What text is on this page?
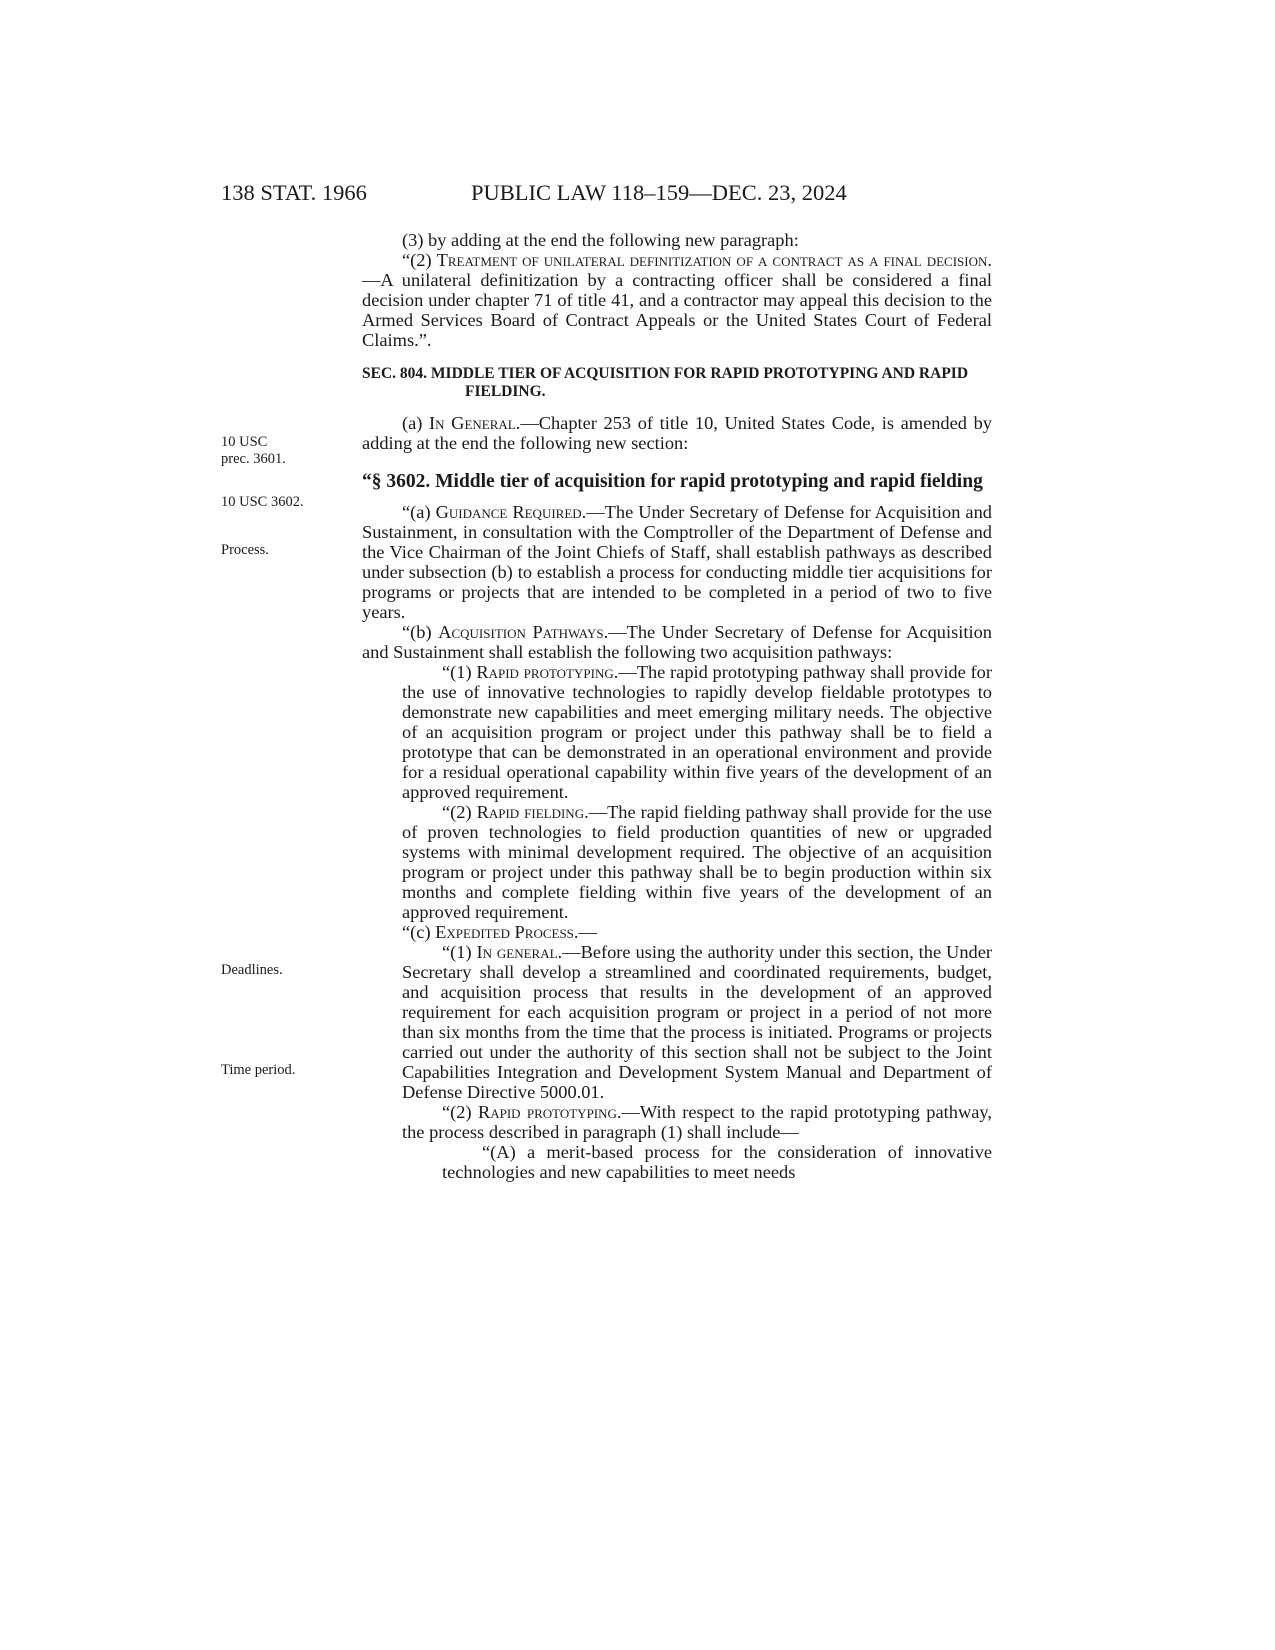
138 STAT. 1966	PUBLIC LAW 118–159—DEC. 23, 2024
10 USC
prec. 3601.
10 USC 3602.
Process.
Deadlines.
Time period.

(3) by adding at the end the following new paragraph:

“(2) Treatment of unilateral definitization of a contract as a final decision.—A unilateral definitization by a contracting officer shall be considered a final decision under chapter 71 of title 41, and a contractor may appeal this decision to the Armed Services Board of Contract Appeals or the United States Court of Federal Claims.”.

SEC. 804. MIDDLE TIER OF ACQUISITION FOR RAPID PROTOTYPING AND RAPID FIELDING.

(a) In General.—Chapter 253 of title 10, United States Code, is amended by adding at the end the following new section:

“§ 3602. Middle tier of acquisition for rapid prototyping and rapid fielding

“(a) Guidance Required.—The Under Secretary of Defense for Acquisition and Sustainment, in consultation with the Comptroller of the Department of Defense and the Vice Chairman of the Joint Chiefs of Staff, shall establish pathways as described under subsection (b) to establish a process for conducting middle tier acquisitions for programs or projects that are intended to be completed in a period of two to five years.

“(b) Acquisition Pathways.—The Under Secretary of Defense for Acquisition and Sustainment shall establish the following two acquisition pathways:

“(1) Rapid prototyping.—The rapid prototyping pathway shall provide for the use of innovative technologies to rapidly develop fieldable prototypes to demonstrate new capabilities and meet emerging military needs. The objective of an acquisition program or project under this pathway shall be to field a prototype that can be demonstrated in an operational environment and provide for a residual operational capability within five years of the development of an approved requirement.

“(2) Rapid fielding.—The rapid fielding pathway shall provide for the use of proven technologies to field production quantities of new or upgraded systems with minimal development required. The objective of an acquisition program or project under this pathway shall be to begin production within six months and complete fielding within five years of the development of an approved requirement.

“(c) Expedited Process.—

“(1) In general.—Before using the authority under this section, the Under Secretary shall develop a streamlined and coordinated requirements, budget, and acquisition process that results in the development of an approved requirement for each acquisition program or project in a period of not more than six months from the time that the process is initiated. Programs or projects carried out under the authority of this section shall not be subject to the Joint Capabilities Integration and Development System Manual and Department of Defense Directive 5000.01.

“(2) Rapid prototyping.—With respect to the rapid prototyping pathway, the process described in paragraph (1) shall include—

“(A) a merit-based process for the consideration of innovative technologies and new capabilities to meet needs
